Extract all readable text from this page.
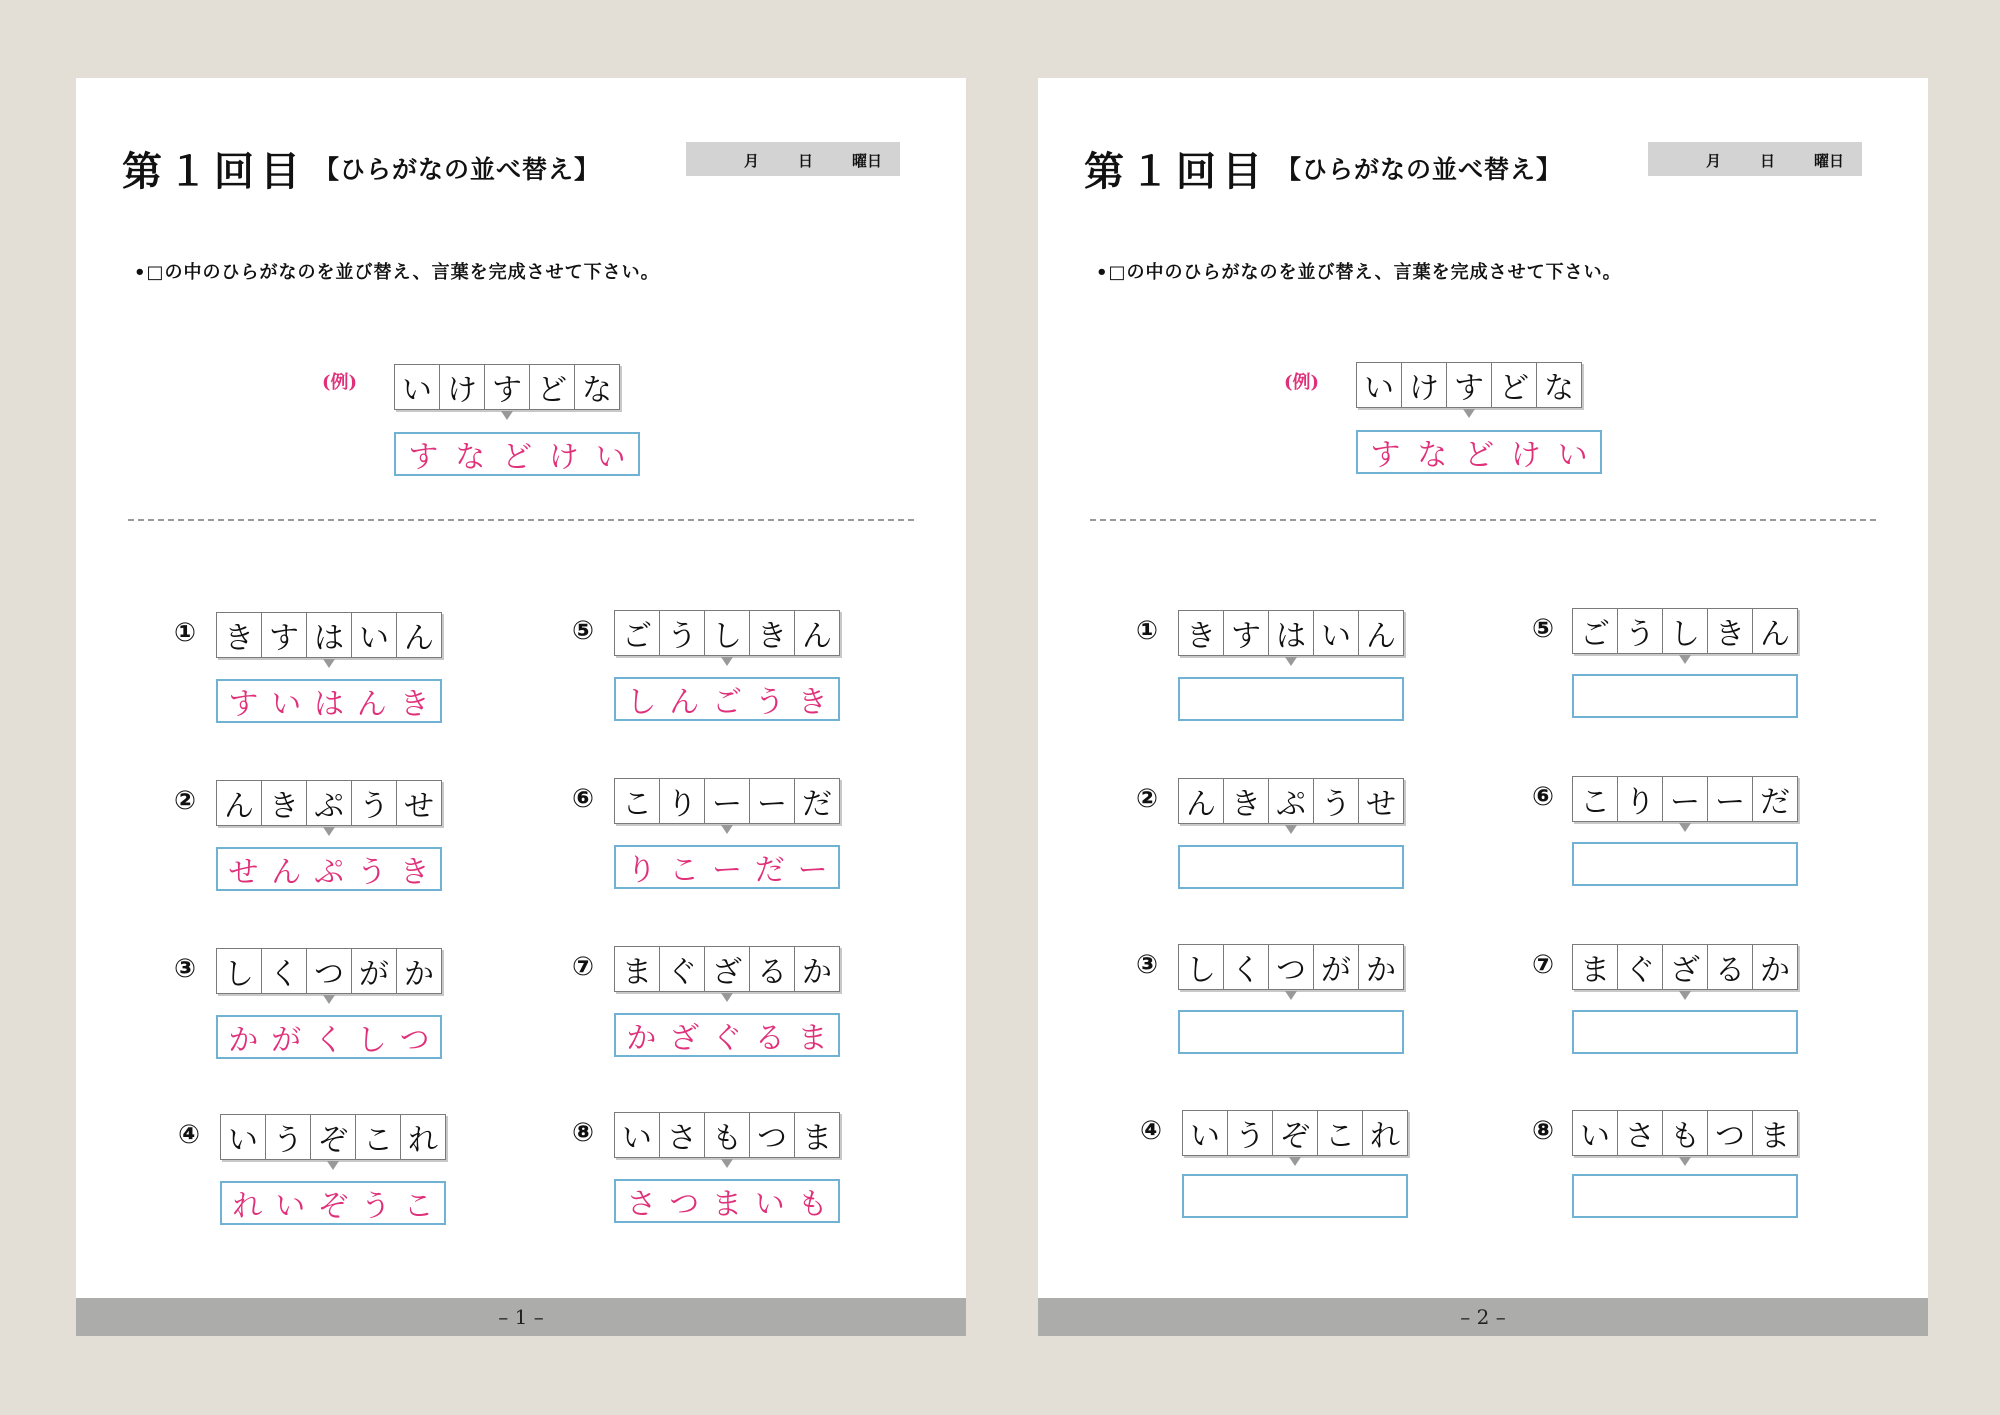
第１回目 【ひらがなの並べ替え】	月	日	曜日
•□の中のひらがなのを並び替え、言葉を完成させて下さい。
(例)
– 1 –
い け す ど な
す な ど け い
① き す は い ん
す い は ん き
② ん き ぷ う せ
せ ん ぷ う き
③ し く つ が か
か が く し つ
④ い う ぞ こ れ
れ い ぞ う こ
⑤ ご う し き ん
し ん ご う き
⑥ こ り ー ー だ
り こ ー だ ー
⑦ ま ぐ ざ る か
か ざ ぐ る ま
⑧ い さ も つ ま
さ つ ま い も
第１回目 【ひらがなの並べ替え】	月	日	曜日
•□の中のひらがなのを並び替え、言葉を完成させて下さい。
(例)
– 2 –
い け す ど な
す な ど け い
① き す は い ん
② ん き ぷ う せ
③ し く つ が か
④ い う ぞ こ れ
⑤ ご う し き ん
⑥ こ り ー ー だ
⑦ ま ぐ ざ る か
⑧ い さ も つ ま
